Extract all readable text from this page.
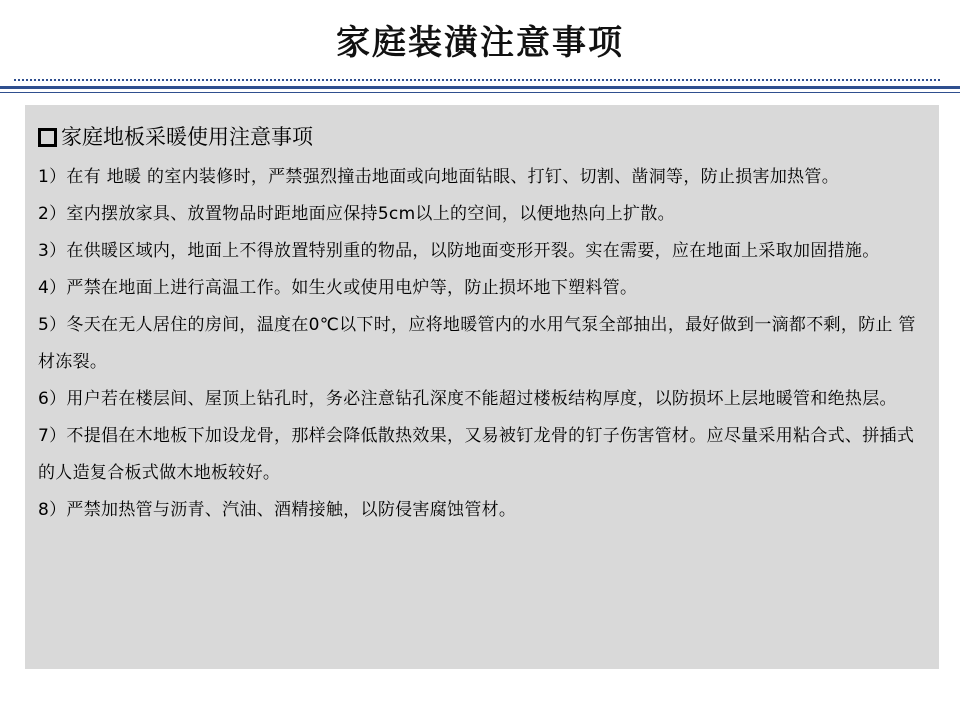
家庭装潢注意事项
家庭地板采暖使用注意事项

1）在有 地暖 的室内装修时，严禁强烈撞击地面或向地面钻眼、打钉、切割、凿洞等，防止损害加热管。

2）室内摆放家具、放置物品时距地面应保持5cm以上的空间，以便地热向上扩散。

3）在供暖区域内，地面上不得放置特别重的物品，以防地面变形开裂。实在需要，应在地面上采取加固措施。

4）严禁在地面上进行高温工作。如生火或使用电炉等，防止损坏地下塑料管。

5）冬天在无人居住的房间，温度在0℃以下时，应将地暖管内的水用气泵全部抽出，最好做到一滴都不剩，防止 管材冻裂。

6）用户若在楼层间、屋顶上钻孔时，务必注意钻孔深度不能超过楼板结构厚度，以防损坏上层地暖管和绝热层。

7）不提倡在木地板下加设龙骨，那样会降低散热效果，又易被钉龙骨的钉子伤害管材。应尽量采用粘合式、拼插式的人造复合板式做木地板较好。

8）严禁加热管与沥青、汽油、酒精接触，以防侵害腐蚀管材。
